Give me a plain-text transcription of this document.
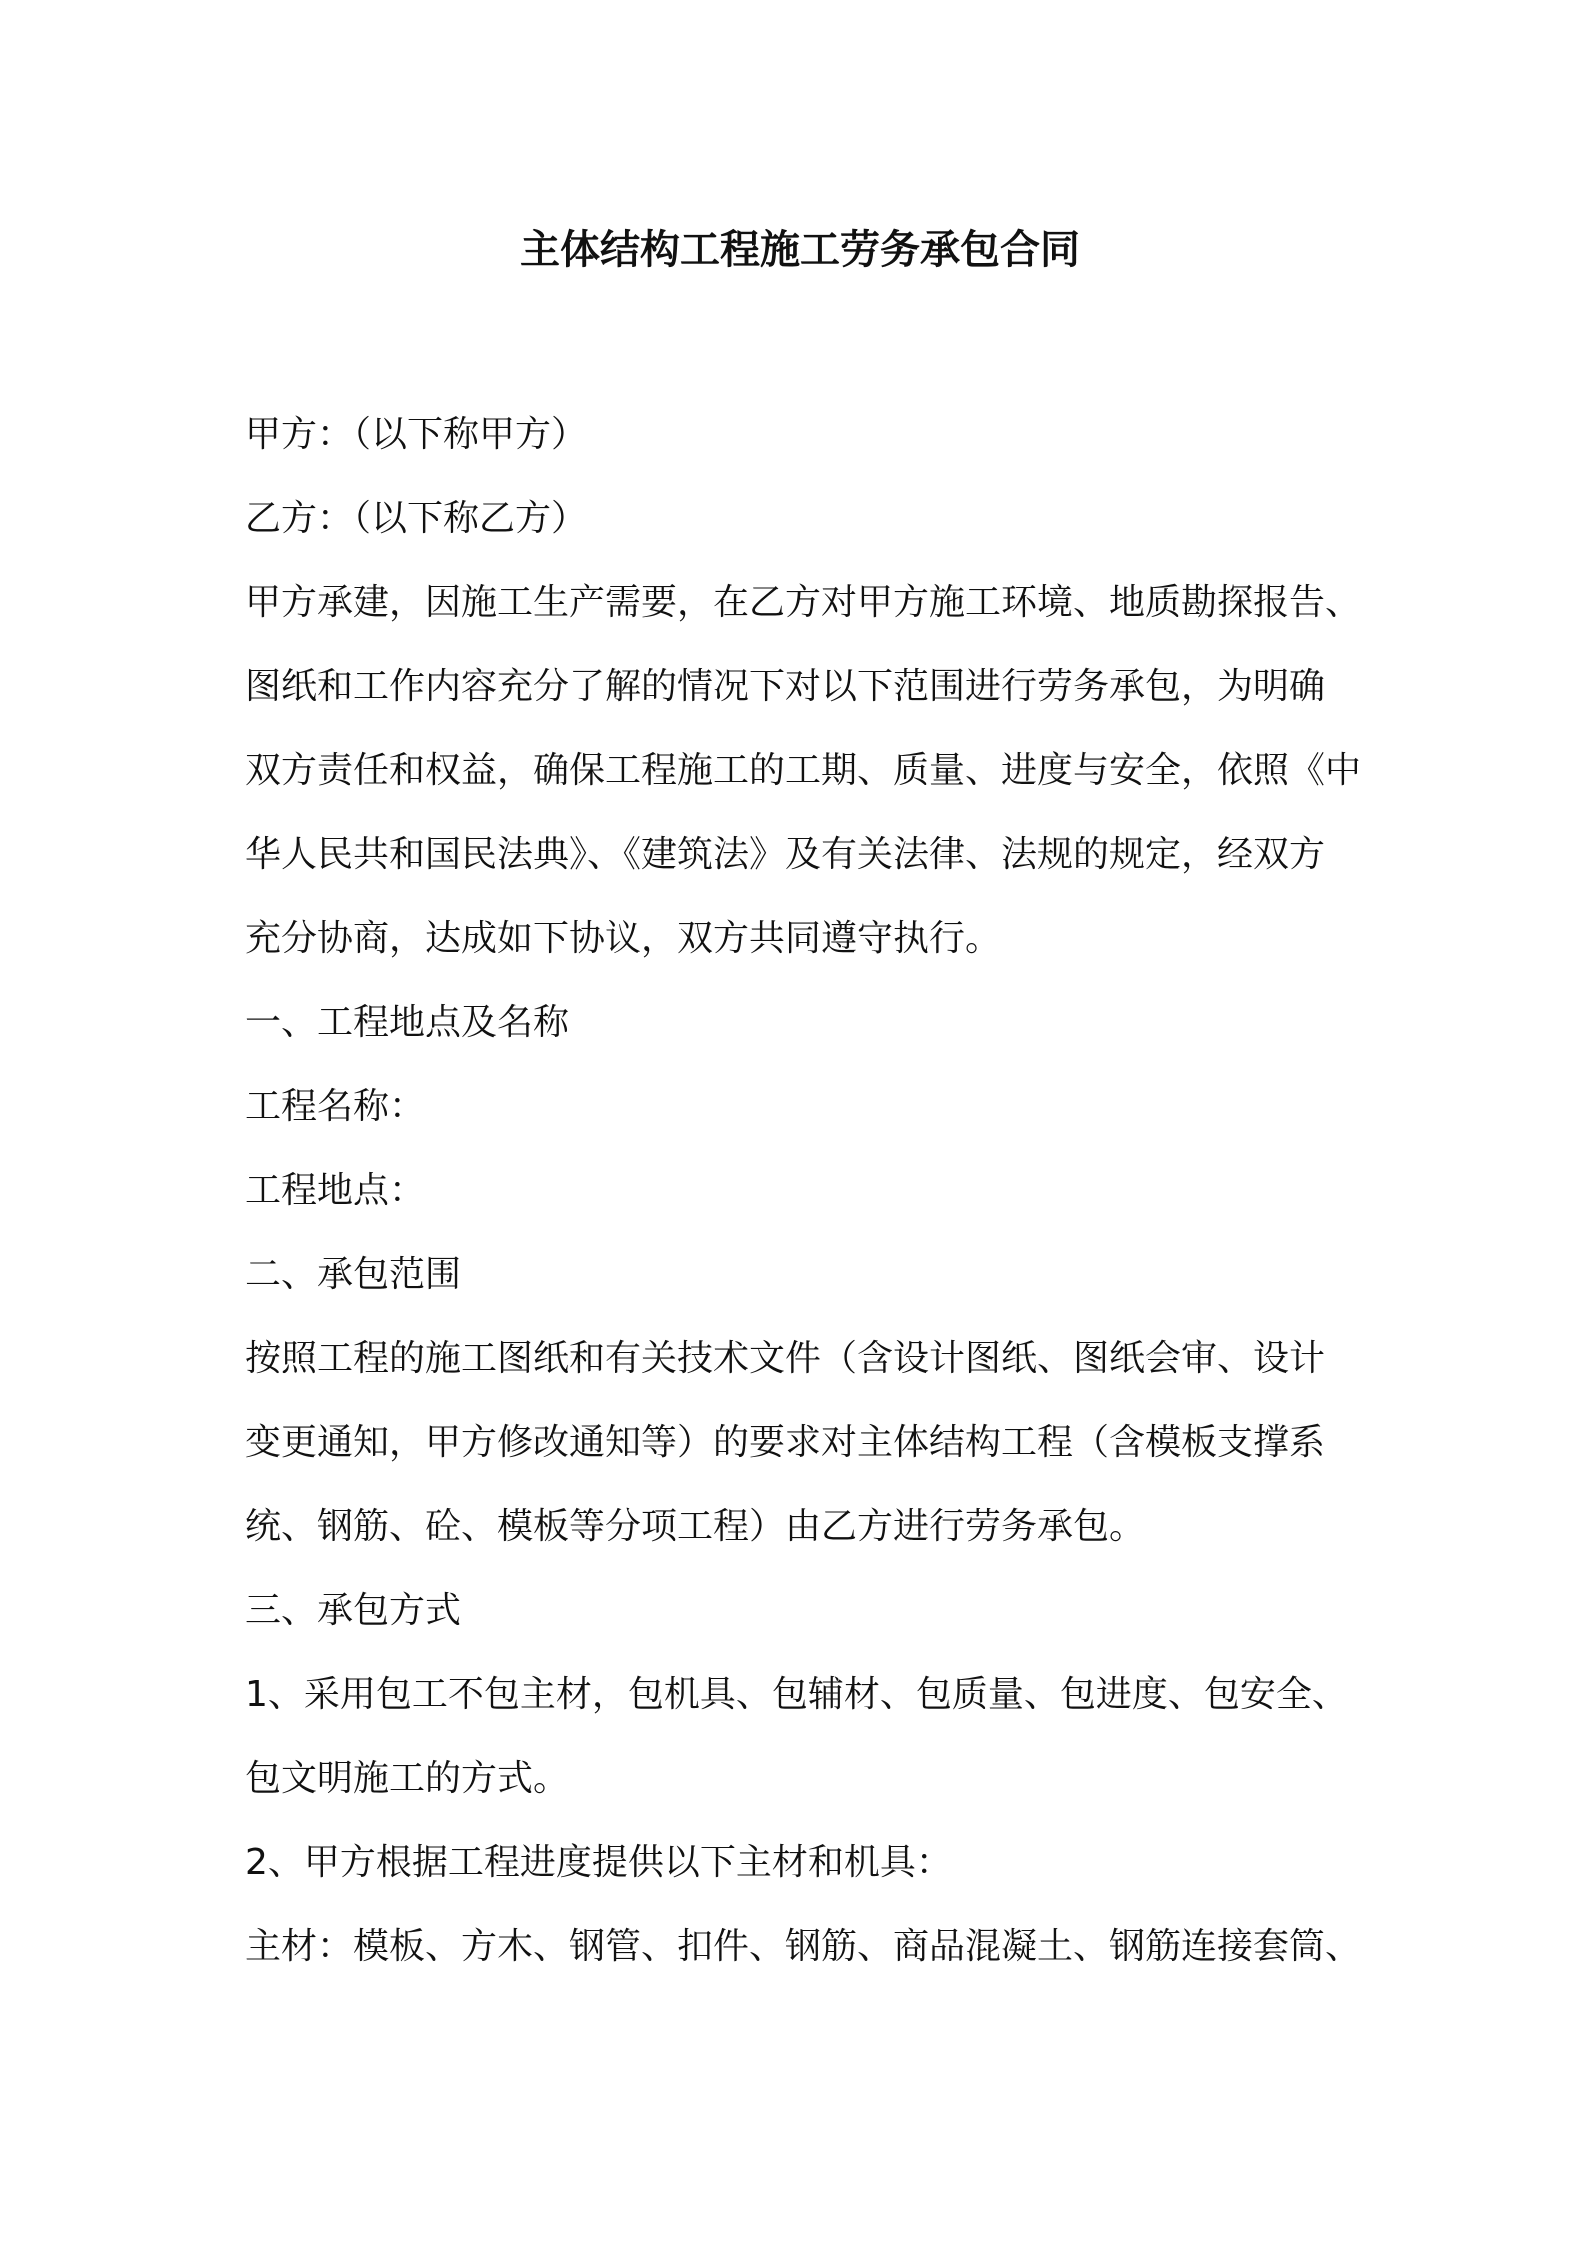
主体结构工程施工劳务承包合同
甲方：（以下称甲方）
乙方：（以下称乙方）
甲方承建，因施工生产需要，在乙方对甲方施工环境、地质勘探报告、
图纸和工作内容充分了解的情况下对以下范围进行劳务承包，为明确
双方责任和权益，确保工程施工的工期、质量、进度与安全，依照《中
华人民共和国民法典》、《建筑法》及有关法律、法规的规定，经双方
充分协商，达成如下协议，双方共同遵守执行。
一、工程地点及名称
工程名称：
工程地点：
二、承包范围
按照工程的施工图纸和有关技术文件（含设计图纸、图纸会审、设计
变更通知，甲方修改通知等）的要求对主体结构工程（含模板支撑系
统、钢筋、砼、模板等分项工程）由乙方进行劳务承包。
三、承包方式
1、采用包工不包主材，包机具、包辅材、包质量、包进度、包安全、
包文明施工的方式。
2、甲方根据工程进度提供以下主材和机具：
主材：模板、方木、钢管、扣件、钢筋、商品混凝土、钢筋连接套筒、
